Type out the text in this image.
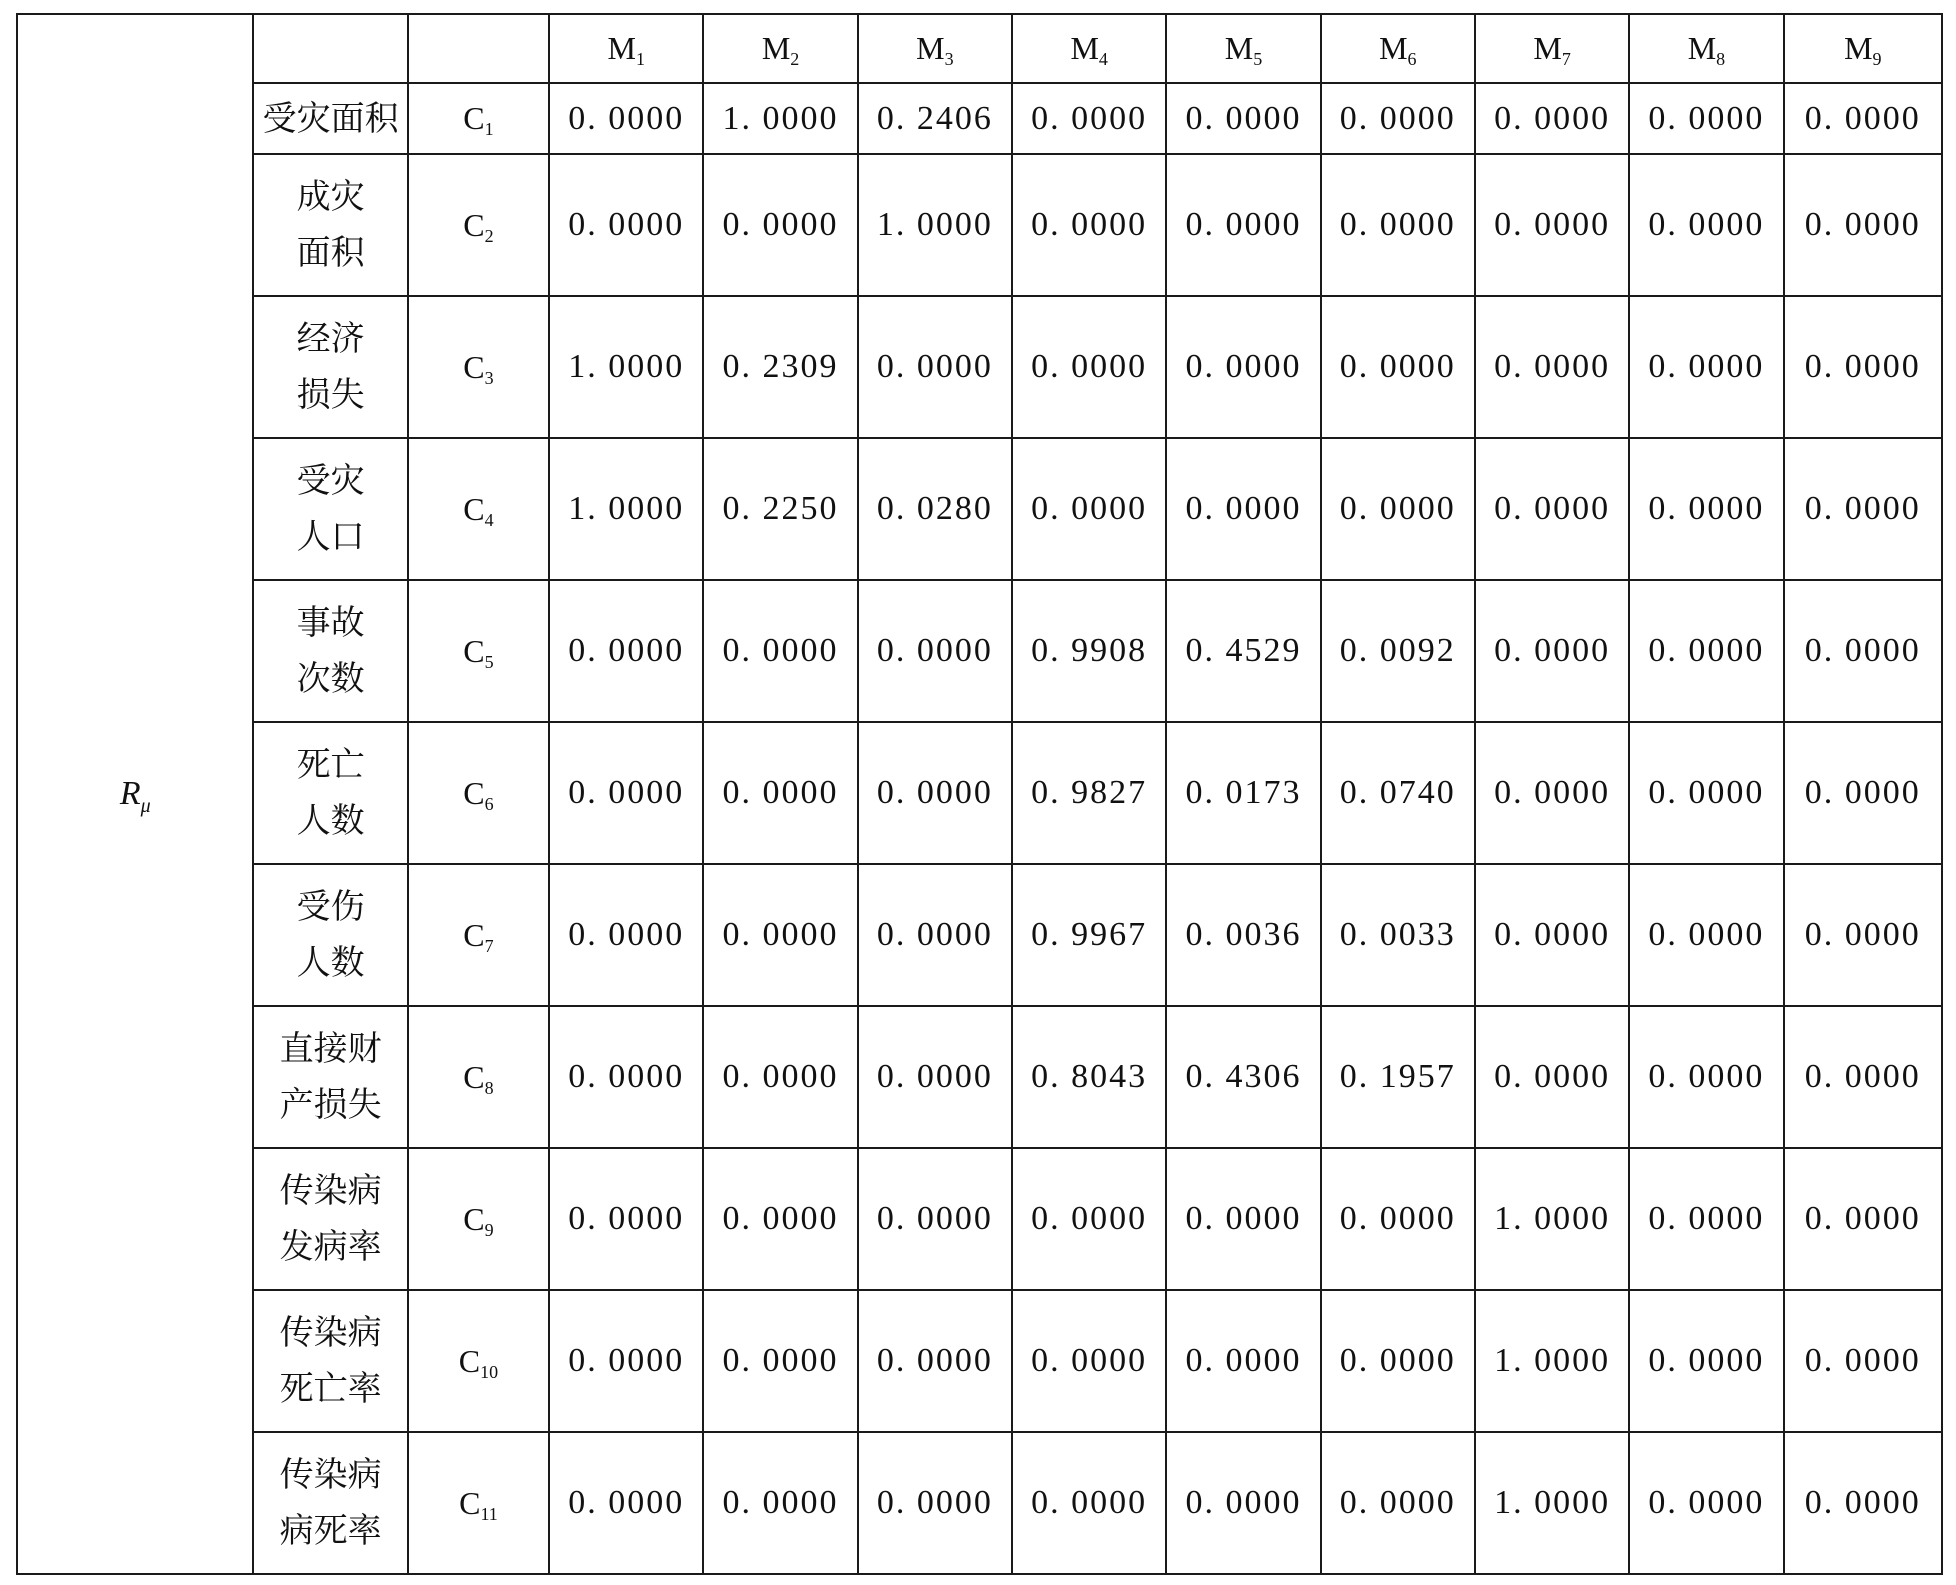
$R_\mu$			$M_1$	$M_2$	$M_3$	$M_4$	$M_5$	$M_6$	$M_7$	$M_8$	$M_9$
	受灾面积	$C_1$	0. 0000	1. 0000	0. 2406	0. 0000	0. 0000	0. 0000	0. 0000	0. 0000	0. 0000
	成灾面积	$C_2$	0. 0000	0. 0000	1. 0000	0. 0000	0. 0000	0. 0000	0. 0000	0. 0000	0. 0000
	经济损失	$C_3$	1. 0000	0. 2309	0. 0000	0. 0000	0. 0000	0. 0000	0. 0000	0. 0000	0. 0000
	受灾人口	$C_4$	1. 0000	0. 2250	0. 0280	0. 0000	0. 0000	0. 0000	0. 0000	0. 0000	0. 0000
	事故次数	$C_5$	0. 0000	0. 0000	0. 0000	0. 9908	0. 4529	0. 0092	0. 0000	0. 0000	0. 0000
	死亡人数	$C_6$	0. 0000	0. 0000	0. 0000	0. 9827	0. 0173	0. 0740	0. 0000	0. 0000	0. 0000
	受伤人数	$C_7$	0. 0000	0. 0000	0. 0000	0. 9967	0. 0036	0. 0033	0. 0000	0. 0000	0. 0000
	直接财产损失	$C_8$	0. 0000	0. 0000	0. 0000	0. 8043	0. 4306	0. 1957	0. 0000	0. 0000	0. 0000
	传染病发病率	$C_9$	0. 0000	0. 0000	0. 0000	0. 0000	0. 0000	0. 0000	1. 0000	0. 0000	0. 0000
	传染病死亡率	$C_{10}$	0. 0000	0. 0000	0. 0000	0. 0000	0. 0000	0. 0000	1. 0000	0. 0000	0. 0000
	传染病病死率	$C_{11}$	0. 0000	0. 0000	0. 0000	0. 0000	0. 0000	0. 0000	1. 0000	0. 0000	0. 0000
